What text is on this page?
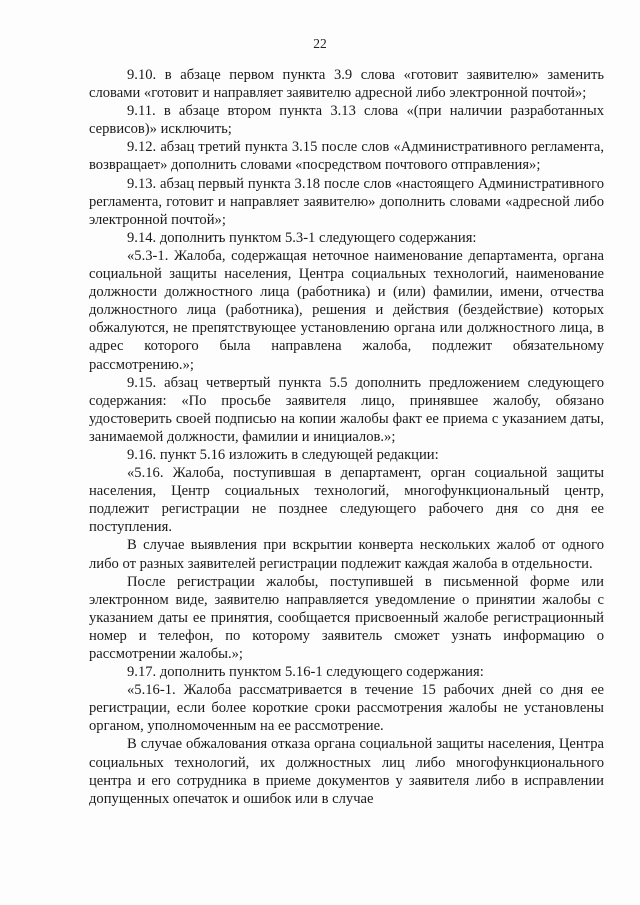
22

9.10. в абзаце первом пункта 3.9 слова «готовит заявителю» заменить словами «готовит и направляет заявителю адресной либо электронной почтой»;

9.11. в абзаце втором пункта 3.13 слова «(при наличии разработанных сервисов)» исключить;

9.12. абзац третий пункта 3.15 после слов «Административного регламента, возвращает» дополнить словами «посредством почтового отправления»;

9.13. абзац первый пункта 3.18 после слов «настоящего Административного регламента, готовит и направляет заявителю» дополнить словами «адресной либо электронной почтой»;

9.14. дополнить пунктом 5.3-1 следующего содержания:

«5.3-1. Жалоба, содержащая неточное наименование департамента, органа социальной защиты населения, Центра социальных технологий, наименование должности должностного лица (работника) и (или) фамилии, имени, отчества должностного лица (работника), решения и действия (бездействие) которых обжалуются, не препятствующее установлению органа или должностного лица, в адрес которого была направлена жалоба, подлежит обязательному рассмотрению.»;

9.15. абзац четвертый пункта 5.5 дополнить предложением следующего содержания: «По просьбе заявителя лицо, принявшее жалобу, обязано удостоверить своей подписью на копии жалобы факт ее приема с указанием даты, занимаемой должности, фамилии и инициалов.»;

9.16. пункт 5.16 изложить в следующей редакции:

«5.16. Жалоба, поступившая в департамент, орган социальной защиты населения, Центр социальных технологий, многофункциональный центр, подлежит регистрации не позднее следующего рабочего дня со дня ее поступления.

В случае выявления при вскрытии конверта нескольких жалоб от одного либо от разных заявителей регистрации подлежит каждая жалоба в отдельности.

После регистрации жалобы, поступившей в письменной форме или электронном виде, заявителю направляется уведомление о принятии жалобы с указанием даты ее принятия, сообщается присвоенный жалобе регистрационный номер и телефон, по которому заявитель сможет узнать информацию о рассмотрении жалобы.»;

9.17. дополнить пунктом 5.16-1 следующего содержания:

«5.16-1. Жалоба рассматривается в течение 15 рабочих дней со дня ее регистрации, если более короткие сроки рассмотрения жалобы не установлены органом, уполномоченным на ее рассмотрение.

В случае обжалования отказа органа социальной защиты населения, Центра социальных технологий, их должностных лиц либо многофункционального центра и его сотрудника в приеме документов у заявителя либо в исправлении допущенных опечаток и ошибок или в случае
